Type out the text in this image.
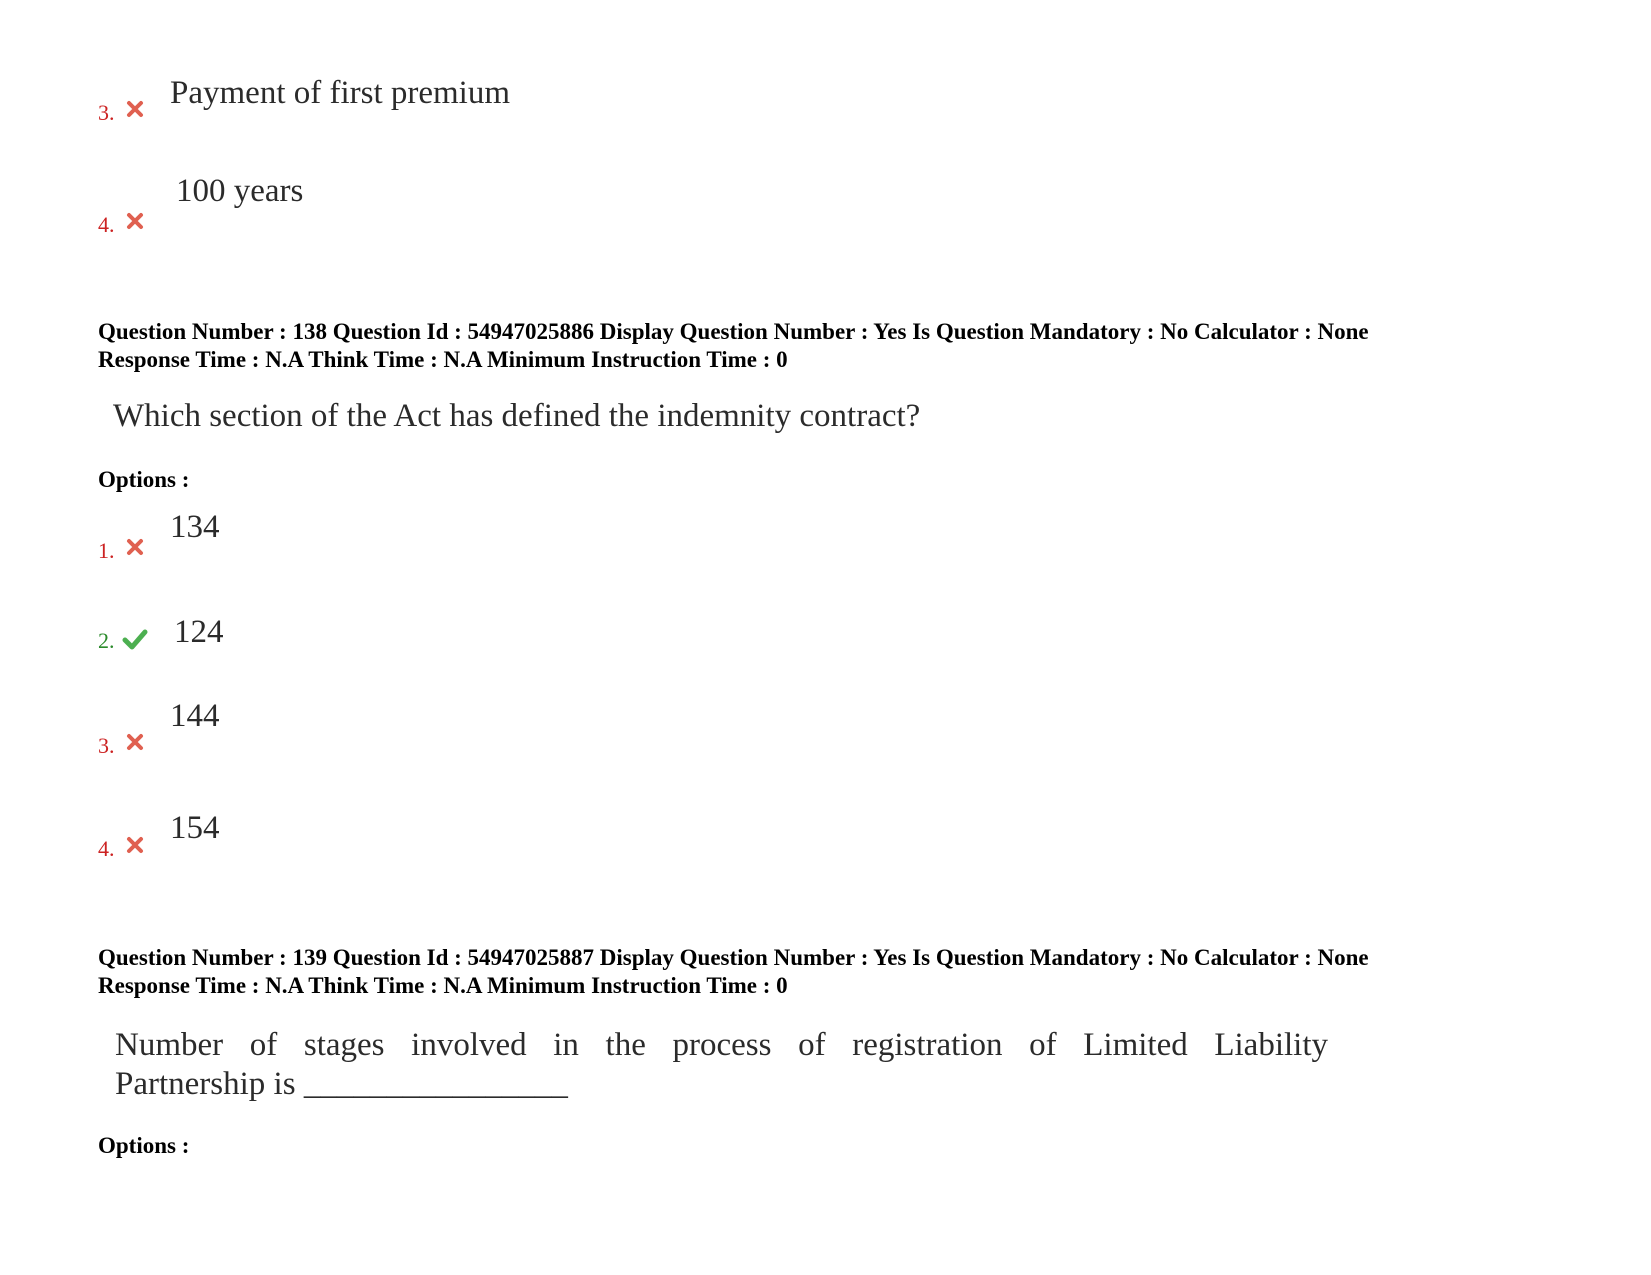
3.
Payment of first premium
4.
100 years
Question Number : 138 Question Id : 54947025886 Display Question Number : Yes Is Question Mandatory : No Calculator : None
Response Time : N.A Think Time : N.A Minimum Instruction Time : 0
Which section of the Act has defined the indemnity contract?
Options :
1.
134
2. 124
3.
144
4.
154
Question Number : 139 Question Id : 54947025887 Display Question Number : Yes Is Question Mandatory : No Calculator : None
Response Time : N.A Think Time : N.A Minimum Instruction Time : 0
Number of stages involved in the process of registration of Limited Liability
Partnership is ________________
Options :
